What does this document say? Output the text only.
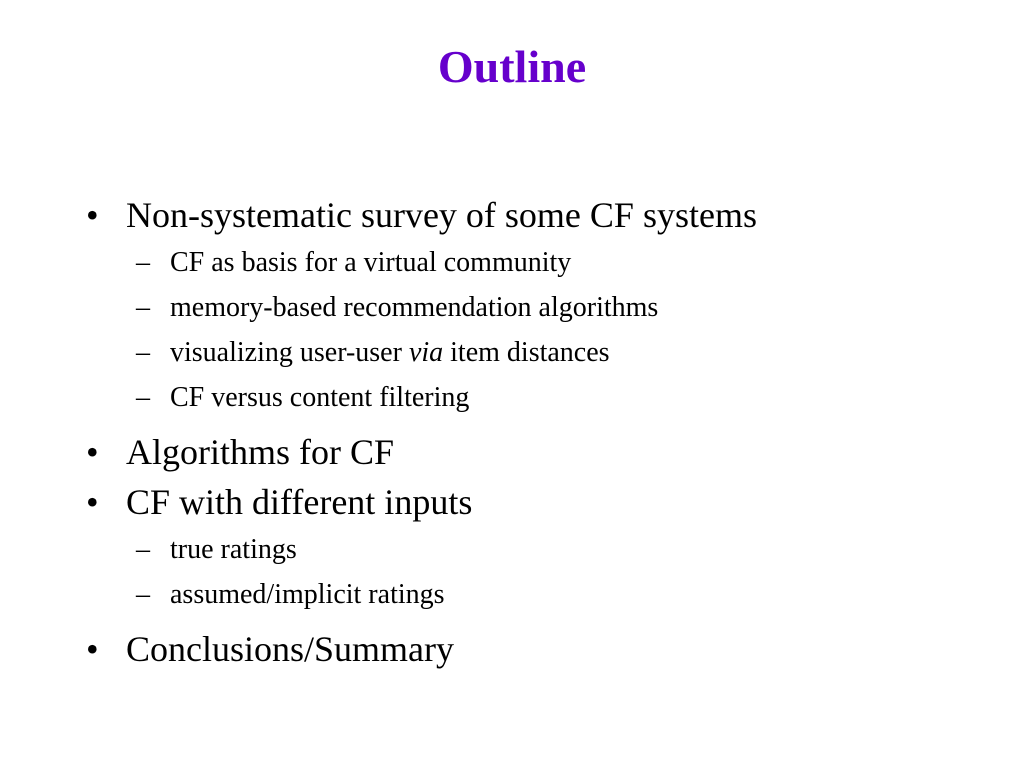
Outline
• Non-systematic survey of some CF systems
– CF as basis for a virtual community
– memory-based recommendation algorithms
– visualizing user-user via item distances
– CF versus content filtering
• Algorithms for CF
• CF with different inputs
– true ratings
– assumed/implicit ratings
• Conclusions/Summary
